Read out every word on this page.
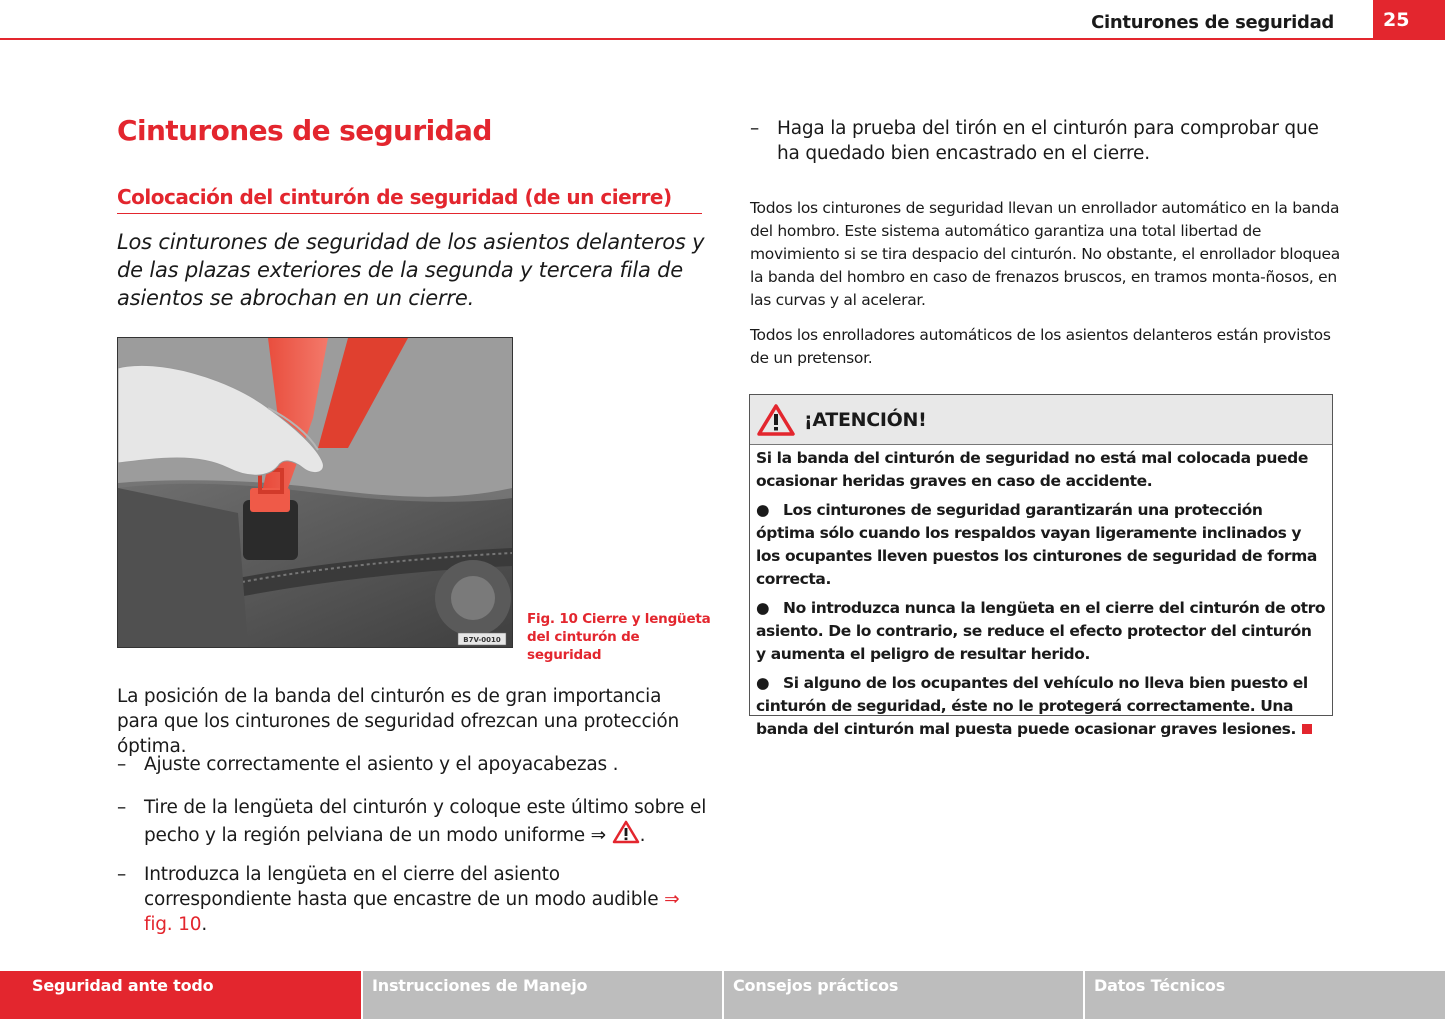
Cinturones de seguridad	25
Cinturones de seguridad
Colocación del cinturón de seguridad (de un cierre)
Los cinturones de seguridad de los asientos delanteros y de las plazas exteriores de la segunda y tercera fila de asientos se abrochan en un cierre.
B7V-0010
Fig. 10 Cierre y lengüeta
del cinturón de seguridad
La posición de la banda del cinturón es de gran importancia para que los cinturones de seguridad ofrezcan una protección óptima.
– Ajuste correctamente el asiento y el apoyacabezas .
– Tire de la lengüeta del cinturón y coloque este último sobre el pecho y la región pelviana de un modo uniforme ⇒ .
– Introduzca la lengüeta en el cierre del asiento correspondiente hasta que encastre de un modo audible ⇒ fig. 10.
– Haga la prueba del tirón en el cinturón para comprobar que ha quedado bien encastrado en el cierre.
Todos los cinturones de seguridad llevan un enrollador automático en la banda del hombro. Este sistema automático garantiza una total libertad de movimiento si se tira despacio del cinturón. No obstante, el enrollador bloquea la banda del hombro en caso de frenazos bruscos, en tramos monta-ñosos, en las curvas y al acelerar.
Todos los enrolladores automáticos de los asientos delanteros están provistos de un pretensor.
¡ATENCIÓN!

Si la banda del cinturón de seguridad no está mal colocada puede ocasionar heridas graves en caso de accidente.

● Los cinturones de seguridad garantizarán una protección óptima sólo cuando los respaldos vayan ligeramente inclinados y los ocupantes lleven puestos los cinturones de seguridad de forma correcta.

● No introduzca nunca la lengüeta en el cierre del cinturón de otro asiento. De lo contrario, se reduce el efecto protector del cinturón y aumenta el peligro de resultar herido.

● Si alguno de los ocupantes del vehículo no lleva bien puesto el cinturón de seguridad, éste no le protegerá correctamente. Una banda del cinturón mal puesta puede ocasionar graves lesiones.

Seguridad ante todo	Instrucciones de Manejo	Consejos prácticos	Datos Técnicos
